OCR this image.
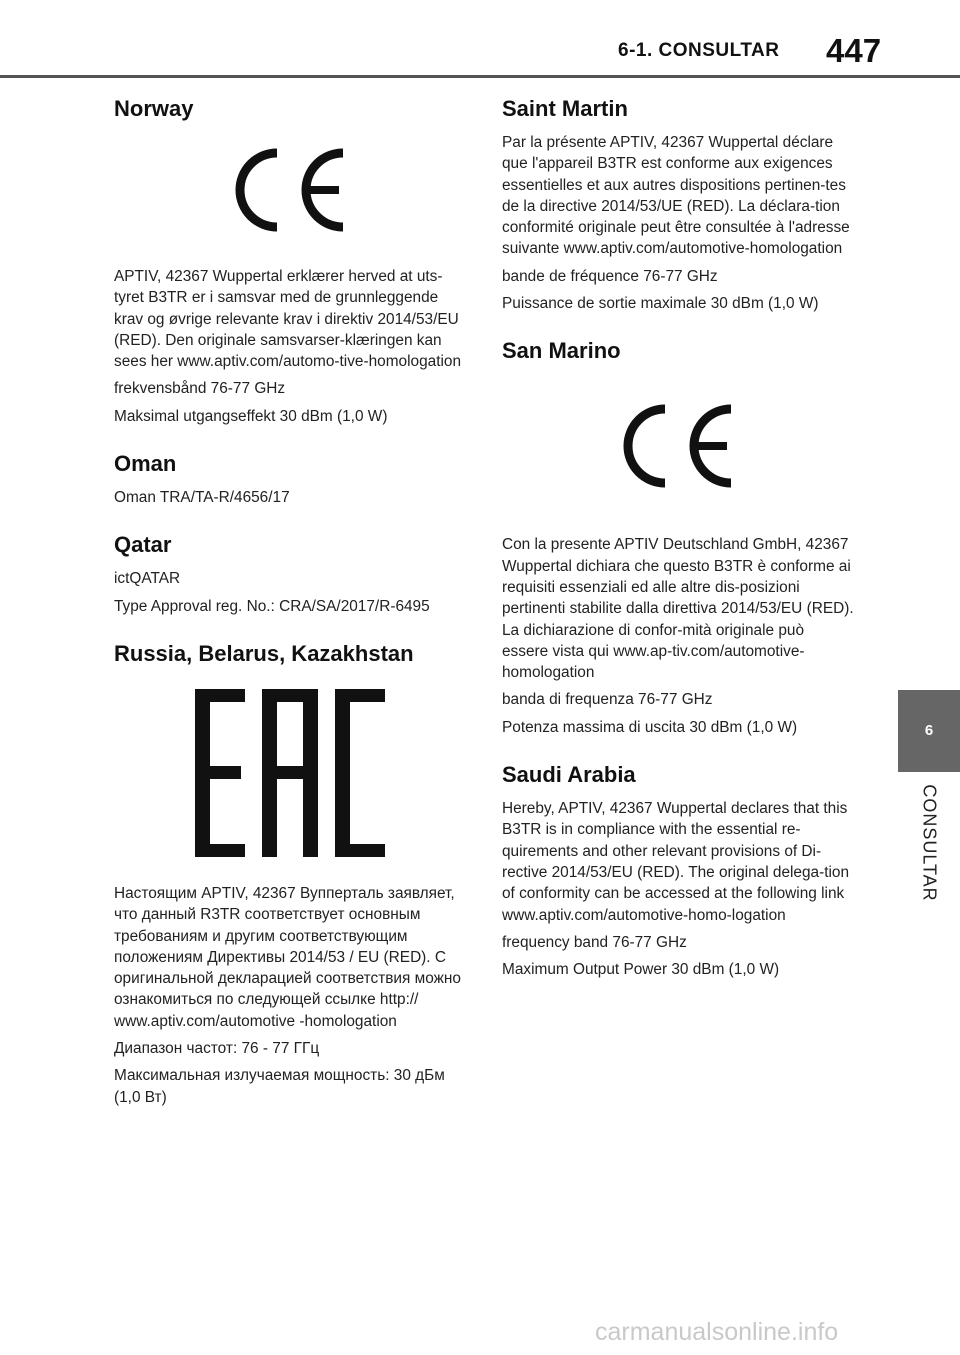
6-1. CONSULTAR 447
Norway

APTIV, 42367 Wuppertal erklærer herved at uts-tyret B3TR er i samsvar med de grunnleggende krav og øvrige relevante krav i direktiv 2014/53/EU (RED). Den originale samsvarser-klæringen kan sees her www.aptiv.com/automo-tive-homologation

frekvensbånd 76-77 GHz

Maksimal utgangseffekt 30 dBm (1,0 W)

Oman

Oman TRA/TA-R/4656/17

Qatar

ictQATAR

Type Approval reg. No.: CRA/SA/2017/R-6495

Russia, Belarus, Kazakhstan

Настоящим APTIV, 42367 Вупперталь заявляет, что данный R3TR соответствует основным требованиям и другим соответствующим положениям Директивы 2014/53 / EU (RED). С оригинальной декларацией соответствия можно ознакомиться по следующей ссылке http:// www.aptiv.com/automotive -homologation

Диапазон частот: 76 - 77 ГГц

Максимальная излучаемая мощность: 30 дБм (1,0 Вт)

Saint Martin

Par la présente APTIV, 42367 Wuppertal déclare que l'appareil B3TR est conforme aux exigences essentielles et aux autres dispositions pertinen-tes de la directive 2014/53/UE (RED). La déclara-tion conformité originale peut être consultée à l'adresse suivante www.aptiv.com/automotive-homologation

bande de fréquence 76-77 GHz

Puissance de sortie maximale 30 dBm (1,0 W)

San Marino

Con la presente APTIV Deutschland GmbH, 42367 Wuppertal dichiara che questo B3TR è conforme ai requisiti essenziali ed alle altre dis-posizioni pertinenti stabilite dalla direttiva 2014/53/EU (RED). La dichiarazione di confor-mità originale può essere vista qui www.ap-tiv.com/automotive-homologation

banda di frequenza 76-77 GHz

Potenza massima di uscita 30 dBm (1,0 W)

Saudi Arabia

Hereby, APTIV, 42367 Wuppertal declares that this B3TR is in compliance with the essential re-quirements and other relevant provisions of Di-rective 2014/53/EU (RED). The original delega-tion of conformity can be accessed at the following link www.aptiv.com/automotive-homo-logation

frequency band 76-77 GHz

Maximum Output Power 30 dBm (1,0 W)

6
CONSULTAR
carmanualsonline.info
